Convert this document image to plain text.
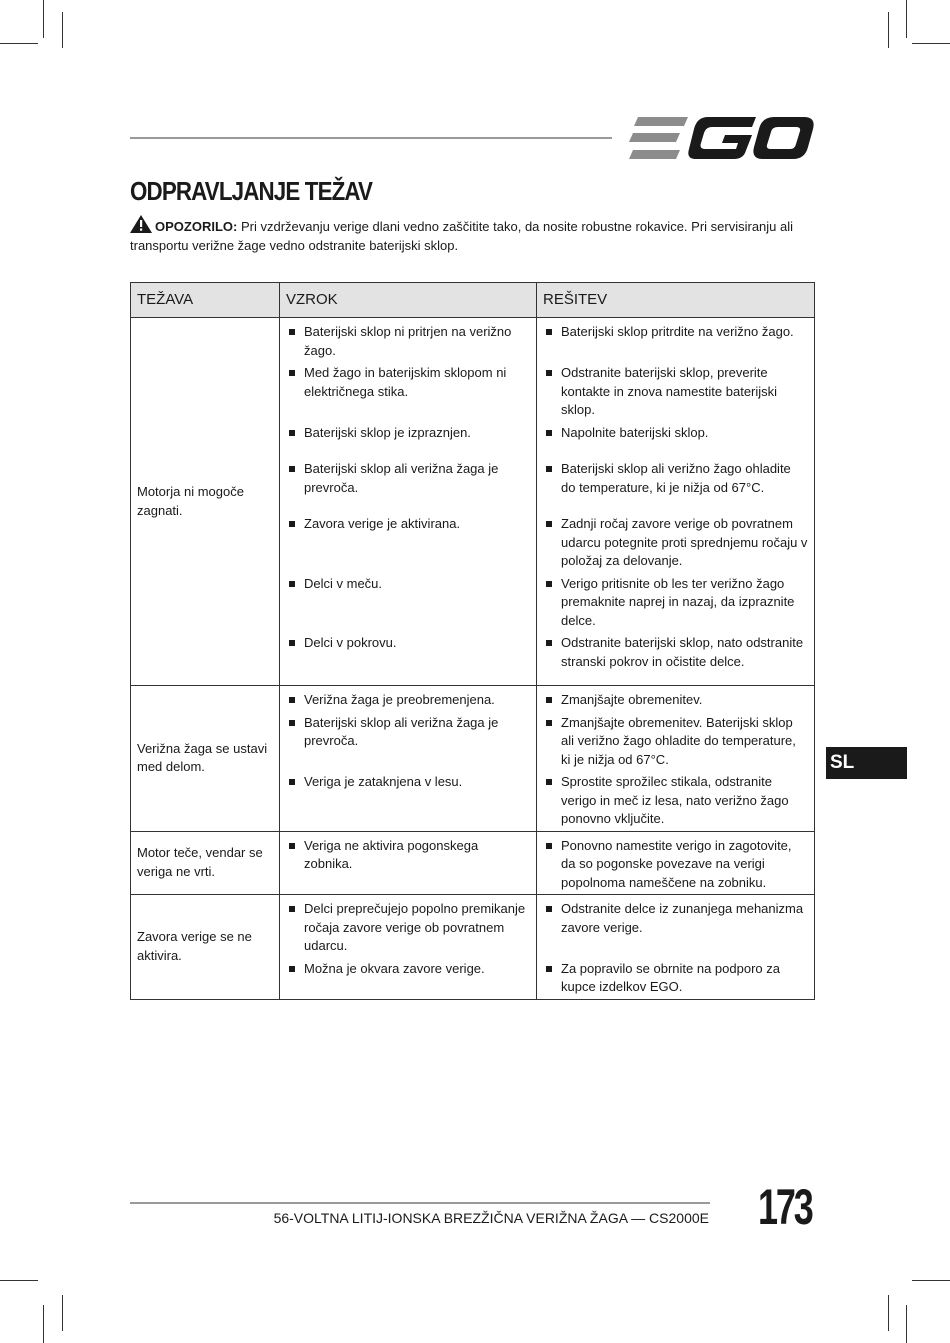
ODPRAVLJANJE TEŽAV
OPOZORILO: Pri vzdrževanju verige dlani vedno zaščitite tako, da nosite robustne rokavice. Pri servisiranju ali transportu verižne žage vedno odstranite baterijski sklop.
TEŽAVA	VZROK	REŠITEV
Motorja ni mogoče zagnati.	Baterijski sklop ni pritrjen na verižno žago.	Baterijski sklop pritrdite na verižno žago.

	Med žago in baterijskim sklopom ni električnega stika.	Odstranite baterijski sklop, preverite kontakte in znova namestite baterijski sklop.

	Baterijski sklop je izpraznjen.	Napolnite baterijski sklop.

	Baterijski sklop ali verižna žaga je prevroča.	Baterijski sklop ali verižno žago ohladite do temperature, ki je nižja od 67°C.

	Zavora verige je aktivirana.	Zadnji ročaj zavore verige ob povratnem udarcu potegnite proti sprednjemu ročaju v položaj za delovanje.

	Delci v meču.	Verigo pritisnite ob les ter verižno žago premaknite naprej in nazaj, da izpraznite delce.

	Delci v pokrovu.	Odstranite baterijski sklop, nato odstranite stranski pokrov in očistite delce.

Verižna žaga se ustavi med delom.	Verižna žaga je preobremenjena.	Zmanjšajte obremenitev.

	Baterijski sklop ali verižna žaga je prevroča.	Zmanjšajte obremenitev. Baterijski sklop ali verižno žago ohladite do temperature, ki je nižja od 67°C.

	Veriga je zataknjena v lesu.	Sprostite sprožilec stikala, odstranite verigo in meč iz lesa, nato verižno žago ponovno vključite.

Motor teče, vendar se veriga ne vrti.	Veriga ne aktivira pogonskega zobnika.	Ponovno namestite verigo in zagotovite, da so pogonske povezave na verigi popolnoma nameščene na zobniku.

Zavora verige se ne aktivira.	Delci preprečujejo popolno premikanje ročaja zavore verige ob povratnem udarcu.	Odstranite delce iz zunanjega mehanizma zavore verige.

	Možna je okvara zavore verige.	Za popravilo se obrnite na podporo za kupce izdelkov EGO.
SL
56-VOLTNA LITIJ-IONSKA BREZŽIČNA VERIŽNA ŽAGA — CS2000E 173
